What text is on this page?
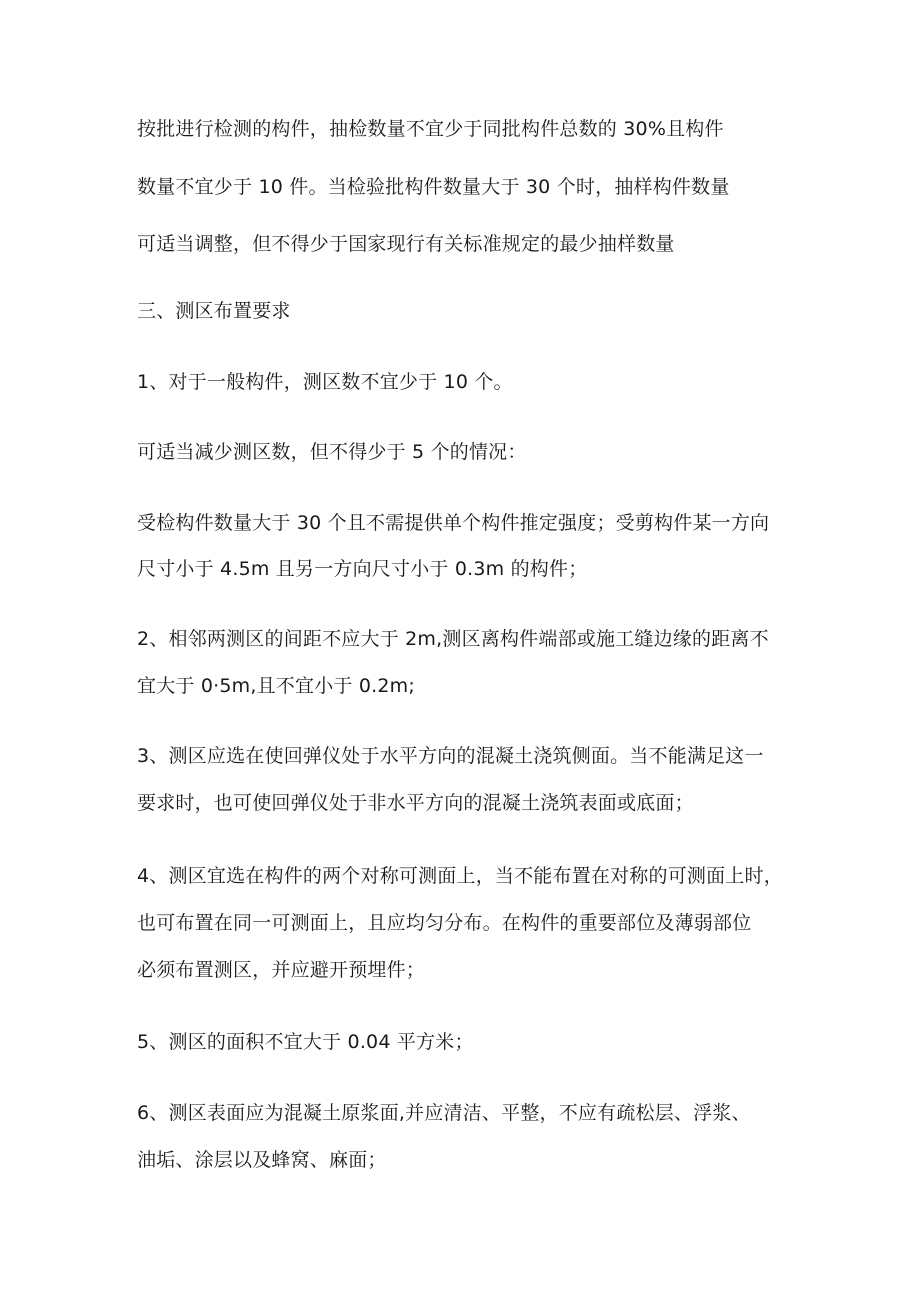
按批进行检测的构件，抽检数量不宜少于同批构件总数的 30%且构件
数量不宜少于 10 件。当检验批构件数量大于 30 个时，抽样构件数量
可适当调整，但不得少于国家现行有关标准规定的最少抽样数量
三、测区布置要求
1、对于一般构件，测区数不宜少于 10 个。
可适当减少测区数，但不得少于 5 个的情况：
受检构件数量大于 30 个且不需提供单个构件推定强度；受剪构件某一方向
尺寸小于 4.5m 且另一方向尺寸小于 0.3m 的构件；
2、相邻两测区的间距不应大于 2m,测区离构件端部或施工缝边缘的距离不
宜大于 0·5m,且不宜小于 0.2m;
3、测区应选在使回弹仪处于水平方向的混凝土浇筑侧面。当不能满足这一
要求时，也可使回弹仪处于非水平方向的混凝土浇筑表面或底面；
4、测区宜选在构件的两个对称可测面上，当不能布置在对称的可测面上时，
也可布置在同一可测面上，且应均匀分布。在构件的重要部位及薄弱部位
必须布置测区，并应避开预埋件；
5、测区的面积不宜大于 0.04 平方米；
6、测区表面应为混凝土原浆面,并应清洁、平整，不应有疏松层、浮浆、
油垢、涂层以及蜂窝、麻面；
